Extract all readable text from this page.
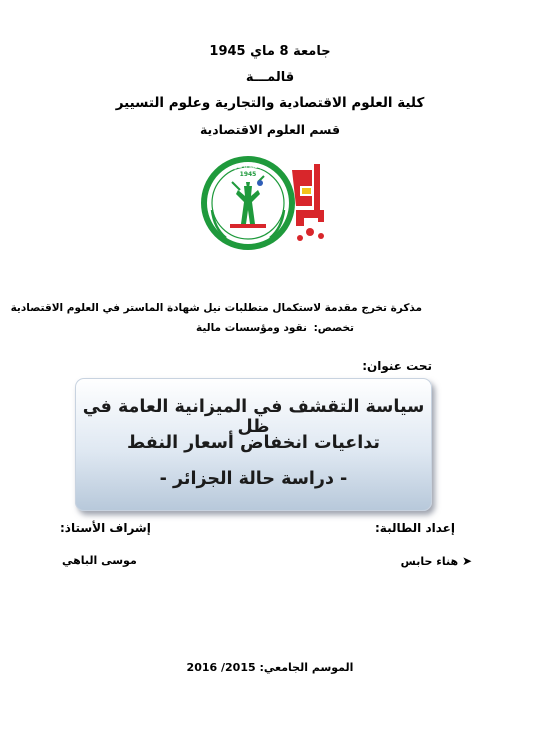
جامعة 8 ماي 1945
قالمـــة
كلية العلوم الاقتصادية والتجارية وعلوم التسيير
قسم العلوم الاقتصادية
جامعة 8 ماي
1945
مذكرة تخرج مقدمة لاستكمال متطلبات نيل شهادة الماستر في العلوم الاقتصادية
تخصص: نقود ومؤسسات مالية
تحت عنوان:
سياسة التقشف في الميزانية العامة في ظل
تداعيات انخفاض أسعار النفط
- دراسة حالة الجزائر -
إعداد الطالبة:
إشراف الأستاذ:
➤ هناء حابس
موسى الباهي
الموسم الجامعي: 2015/ 2016
